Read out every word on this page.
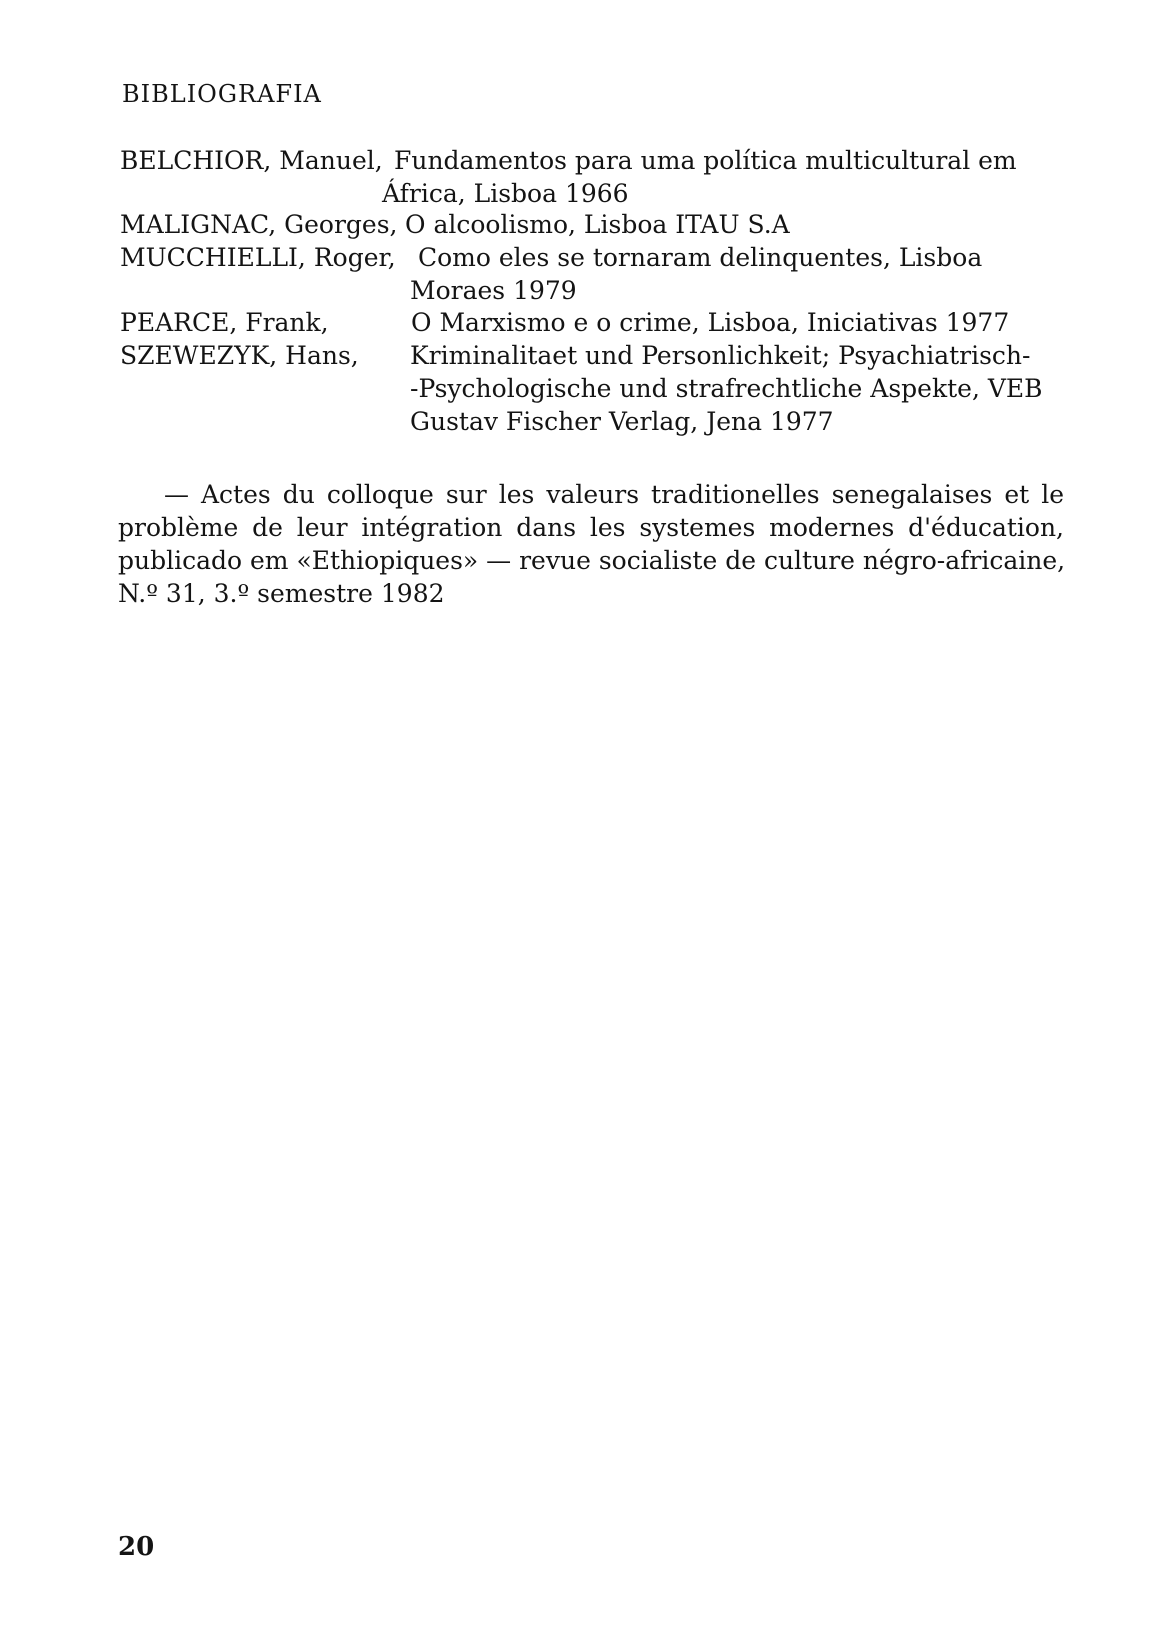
BIBLIOGRAFIA
BELCHIOR, Manuel, Fundamentos para uma política multicultural em
África, Lisboa 1966
MALIGNAC, Georges, O alcoolismo, Lisboa ITAU S.A
MUCCHIELLI, Roger, Como eles se tornaram delinquentes, Lisboa
Moraes 1979
PEARCE, Frank,	O Marxismo e o crime, Lisboa, Iniciativas 1977
SZEWEZYK, Hans, Kriminalitaet und Personlichkeit; Psyachiatrisch-
-Psychologische und strafrechtliche Aspekte, VEB
Gustav Fischer Verlag, Jena 1977
— Actes du colloque sur les valeurs traditionelles senegalaises et le
problème de leur intégration dans les systemes modernes d'éducation,
publicado em «Ethiopiques» — revue socialiste de culture négro-africaine,
N.º 31, 3.º semestre 1982
20
